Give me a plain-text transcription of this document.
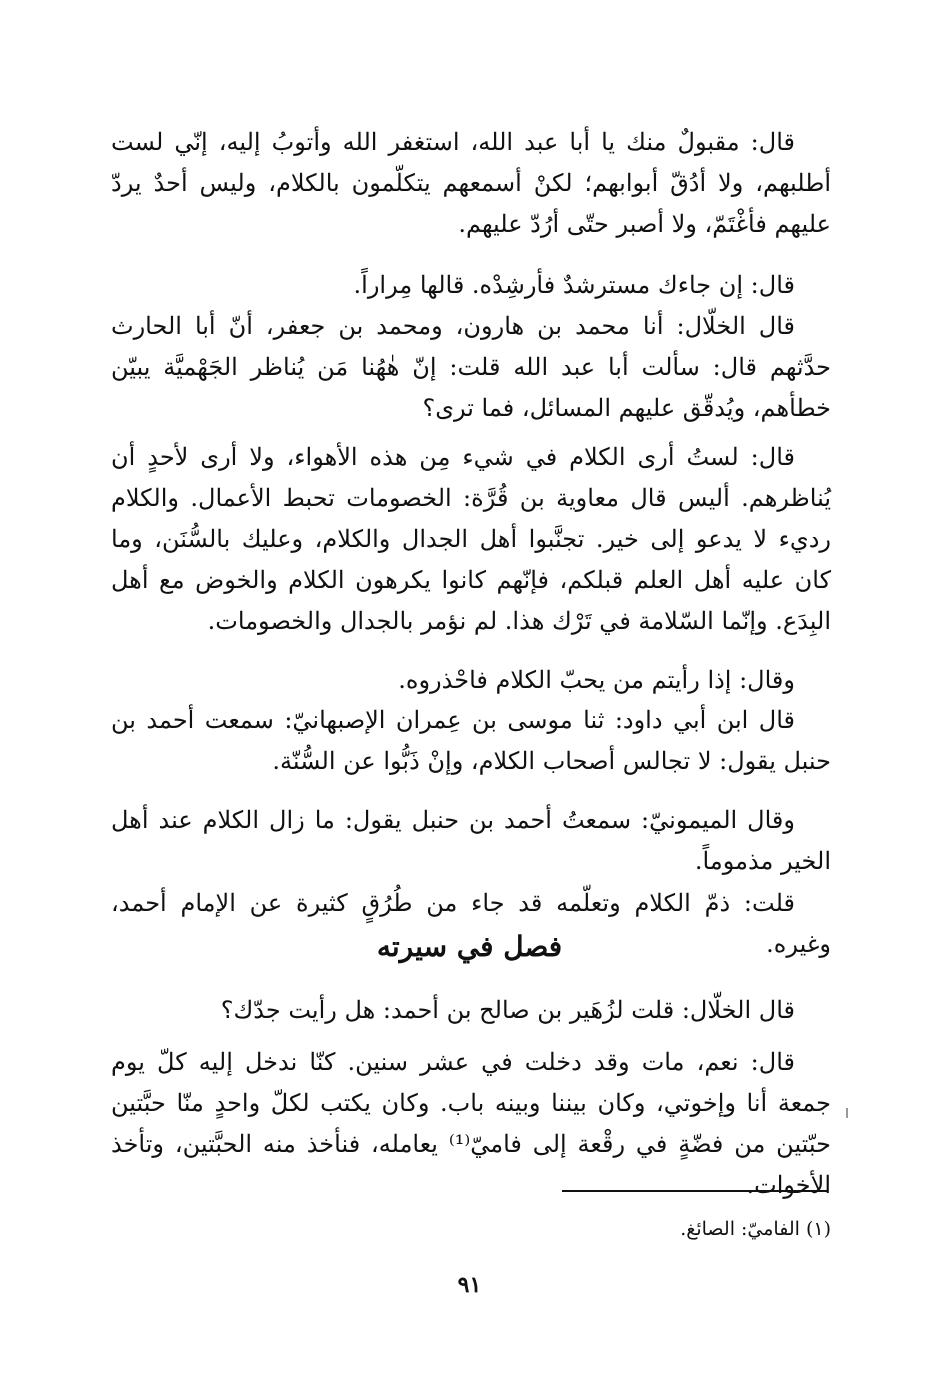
قال: مقبولٌ منك يا أبا عبد الله، استغفر الله وأتوبُ إليه، إنّي لست أطلبهم، ولا أدُقّ أبوابهم؛ لكنْ أسمعهم يتكلّمون بالكلام، وليس أحدٌ يردّ عليهم فأغْتَمّ، ولا أصبر حتّى أرُدّ عليهم.

قال: إن جاءك مسترشدٌ فأرشِدْه. قالها مِراراً.

قال الخلّال: أنا محمد بن هارون، ومحمد بن جعفر، أنّ أبا الحارث حدَّثهم قال: سألت أبا عبد الله قلت: إنّ هٰهُنا مَن يُناظر الجَهْميَّة يبيّن خطأهم، ويُدقّق عليهم المسائل، فما ترى؟

قال: لستُ أرى الكلام في شيء مِن هذه الأهواء، ولا أرى لأحدٍ أن يُناظرهم. أليس قال معاوية بن قُرَّة: الخصومات تحبط الأعمال. والكلام رديء لا يدعو إلى خير. تجنَّبوا أهل الجدال والكلام، وعليك بالسُّنَن، وما كان عليه أهل العلم قبلكم، فإنّهم كانوا يكرهون الكلام والخوض مع أهل البِدَع. وإنّما السّلامة في تَرْك هذا. لم نؤمر بالجدال والخصومات.

وقال: إذا رأيتم من يحبّ الكلام فاحْذروه.

قال ابن أبي داود: ثنا موسى بن عِمران الإصبهانيّ: سمعت أحمد بن حنبل يقول: لا تجالس أصحاب الكلام، وإنْ ذَبُّوا عن السُّنّة.

وقال الميمونيّ: سمعتُ أحمد بن حنبل يقول: ما زال الكلام عند أهل الخير مذموماً.

قلت: ذمّ الكلام وتعلّمه قد جاء من طُرُقٍ كثيرة عن الإمام أحمد، وغيره.

فصل في سيرته

قال الخلّال: قلت لزُهَير بن صالح بن أحمد: هل رأيت جدّك؟

قال: نعم، مات وقد دخلت في عشر سنين. كنّا ندخل إليه كلّ يوم جمعة أنا وإخوتي، وكان بيننا وبينه باب. وكان يكتب لكلّ واحدٍ منّا حبَّتين حبّتين من فضّةٍ في رقْعة إلى فاميّ⁽¹⁾ يعامله، فنأخذ منه الحبَّتين، وتأخذ الأخوات.

(١) الفاميّ: الصائغ.

٩١
